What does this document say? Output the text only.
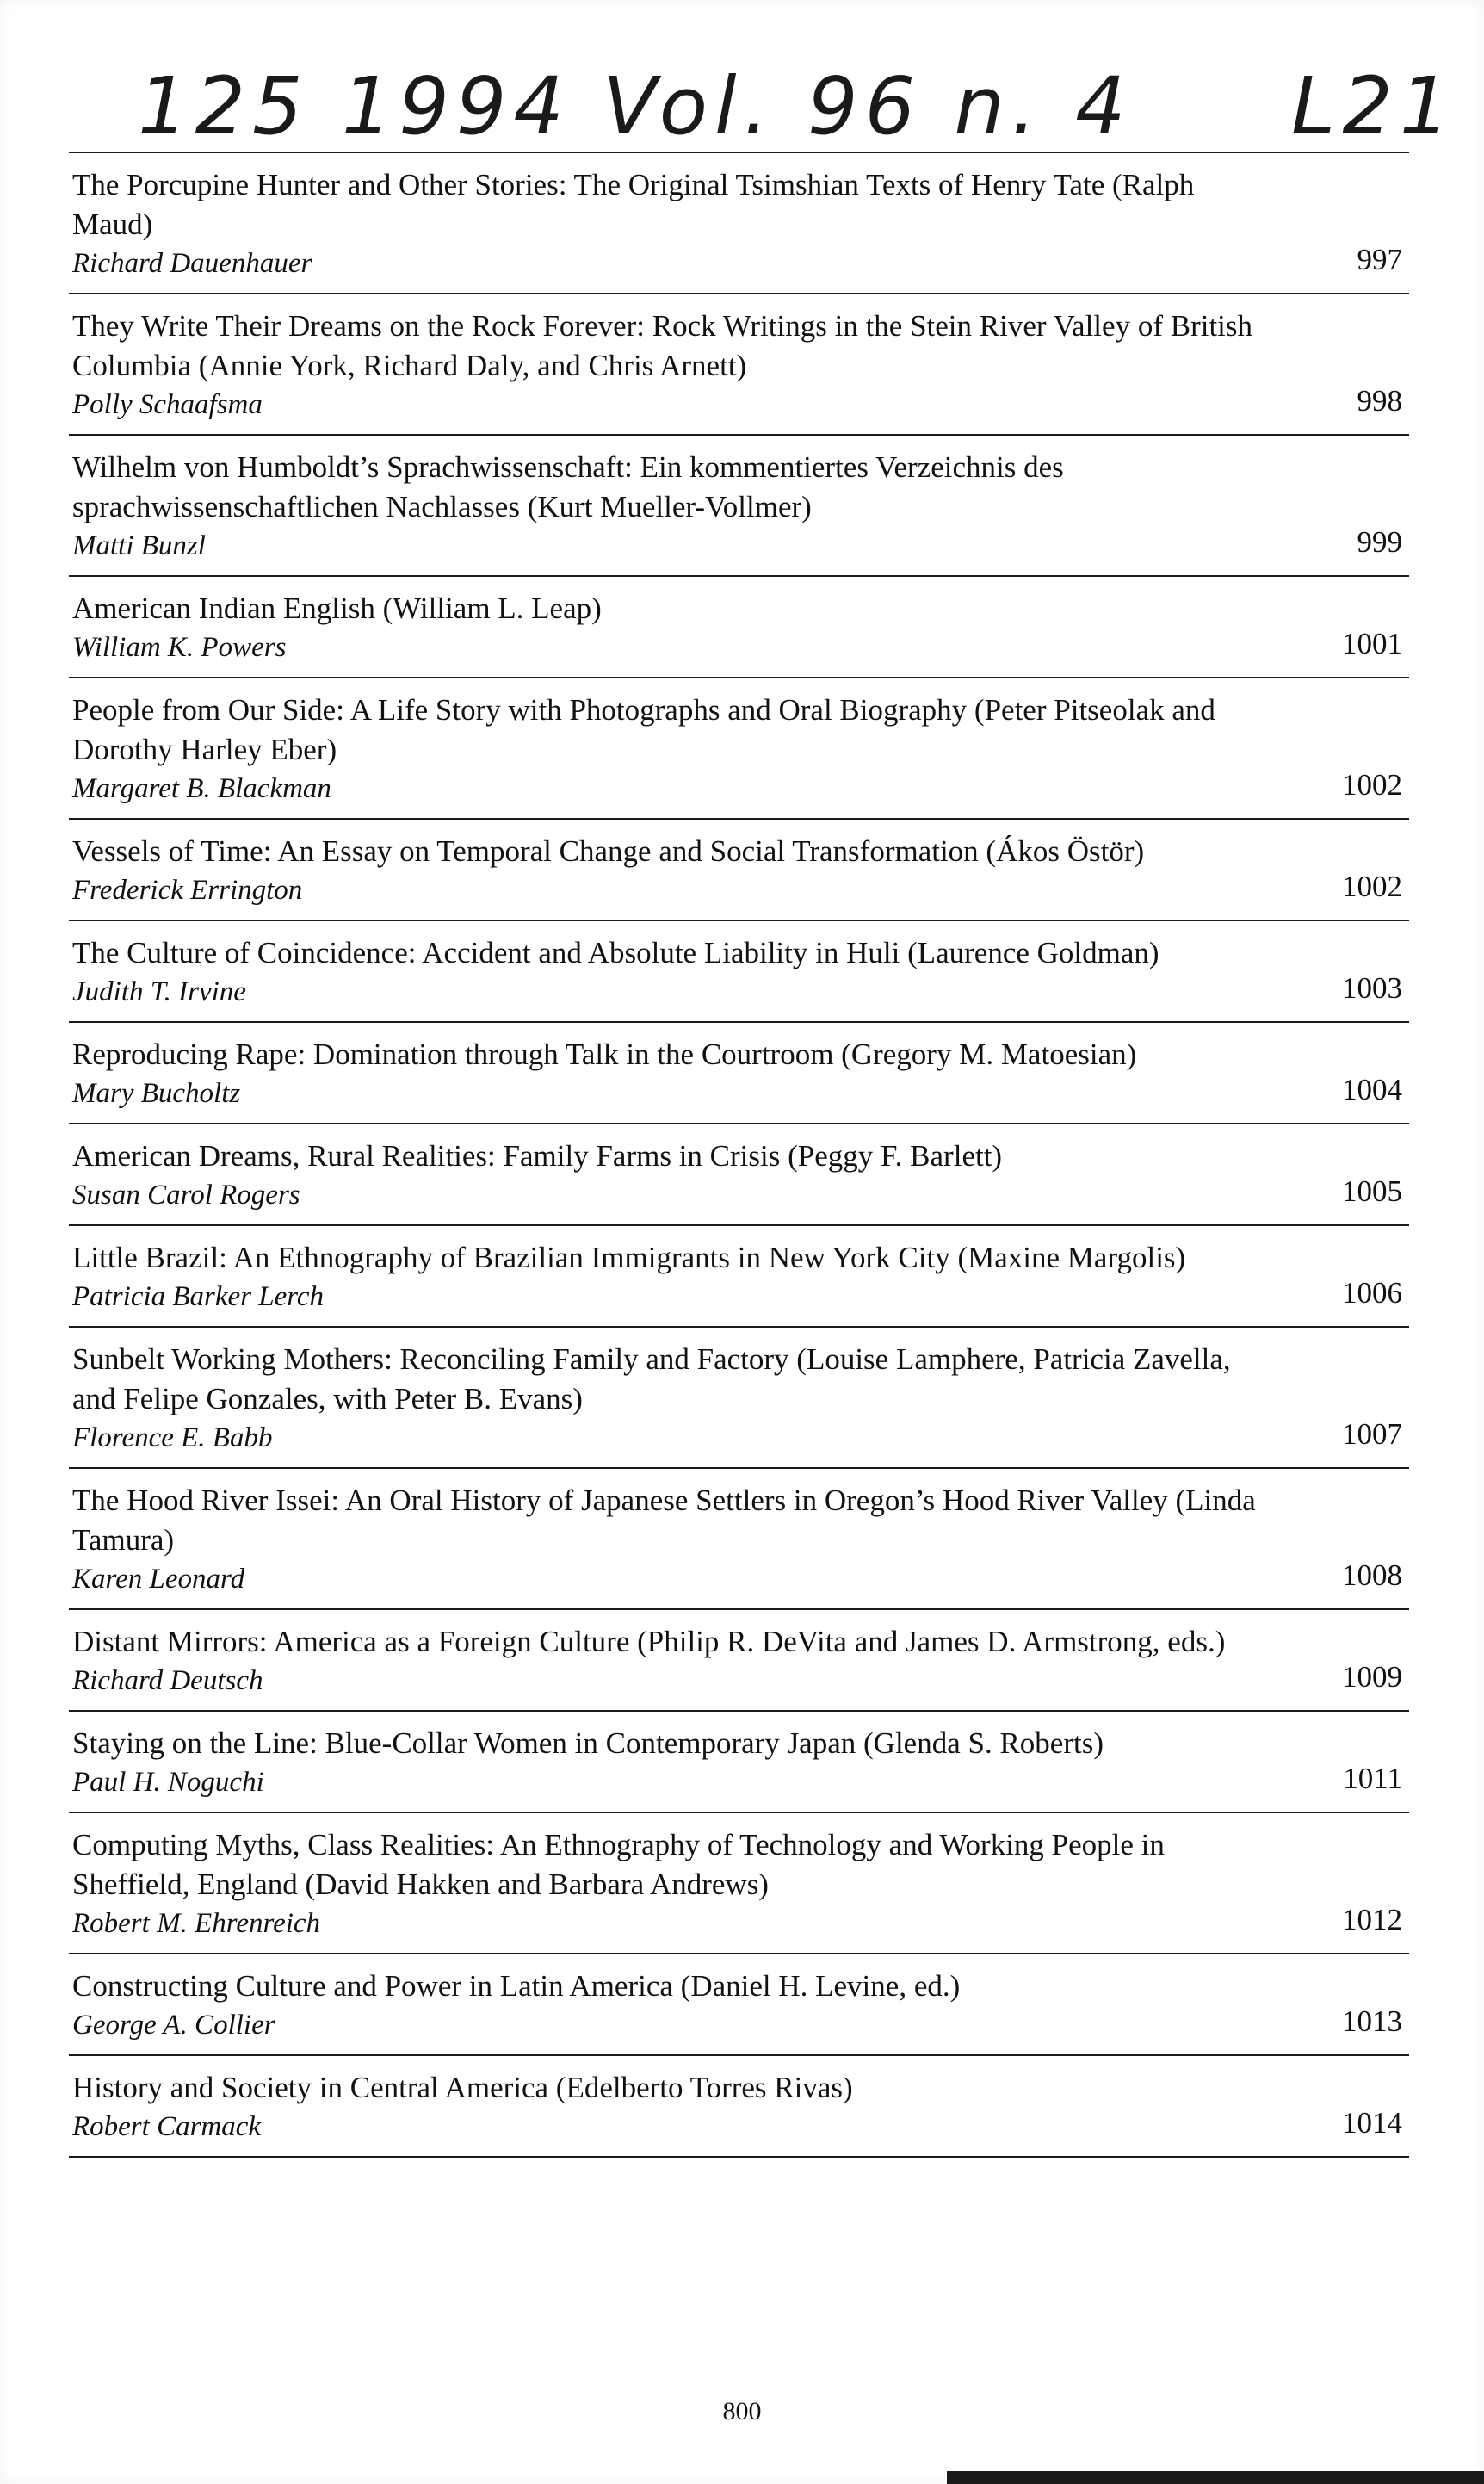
125 1994 Vol. 96 n. 4 L21
The Porcupine Hunter and Other Stories: The Original Tsimshian Texts of Henry Tate (Ralph Maud)
Richard Dauenhauer	997
They Write Their Dreams on the Rock Forever: Rock Writings in the Stein River Valley of British Columbia (Annie York, Richard Daly, and Chris Arnett)
Polly Schaafsma	998
Wilhelm von Humboldt’s Sprachwissenschaft: Ein kommentiertes Verzeichnis des sprachwissenschaftlichen Nachlasses (Kurt Mueller-Vollmer)
Matti Bunzl	999
American Indian English (William L. Leap)
William K. Powers	1001
People from Our Side: A Life Story with Photographs and Oral Biography (Peter Pitseolak and Dorothy Harley Eber)
Margaret B. Blackman	1002
Vessels of Time: An Essay on Temporal Change and Social Transformation (Ákos Östör)
Frederick Errington	1002
The Culture of Coincidence: Accident and Absolute Liability in Huli (Laurence Goldman)
Judith T. Irvine	1003
Reproducing Rape: Domination through Talk in the Courtroom (Gregory M. Matoesian)
Mary Bucholtz	1004
American Dreams, Rural Realities: Family Farms in Crisis (Peggy F. Barlett)
Susan Carol Rogers	1005
Little Brazil: An Ethnography of Brazilian Immigrants in New York City (Maxine Margolis)
Patricia Barker Lerch	1006
Sunbelt Working Mothers: Reconciling Family and Factory (Louise Lamphere, Patricia Zavella, and Felipe Gonzales, with Peter B. Evans)
Florence E. Babb	1007
The Hood River Issei: An Oral History of Japanese Settlers in Oregon’s Hood River Valley (Linda Tamura)
Karen Leonard	1008
Distant Mirrors: America as a Foreign Culture (Philip R. DeVita and James D. Armstrong, eds.)
Richard Deutsch	1009
Staying on the Line: Blue-Collar Women in Contemporary Japan (Glenda S. Roberts)
Paul H. Noguchi	1011
Computing Myths, Class Realities: An Ethnography of Technology and Working People in Sheffield, England (David Hakken and Barbara Andrews)
Robert M. Ehrenreich	1012
Constructing Culture and Power in Latin America (Daniel H. Levine, ed.)
George A. Collier	1013
History and Society in Central America (Edelberto Torres Rivas)
Robert Carmack	1014
800
